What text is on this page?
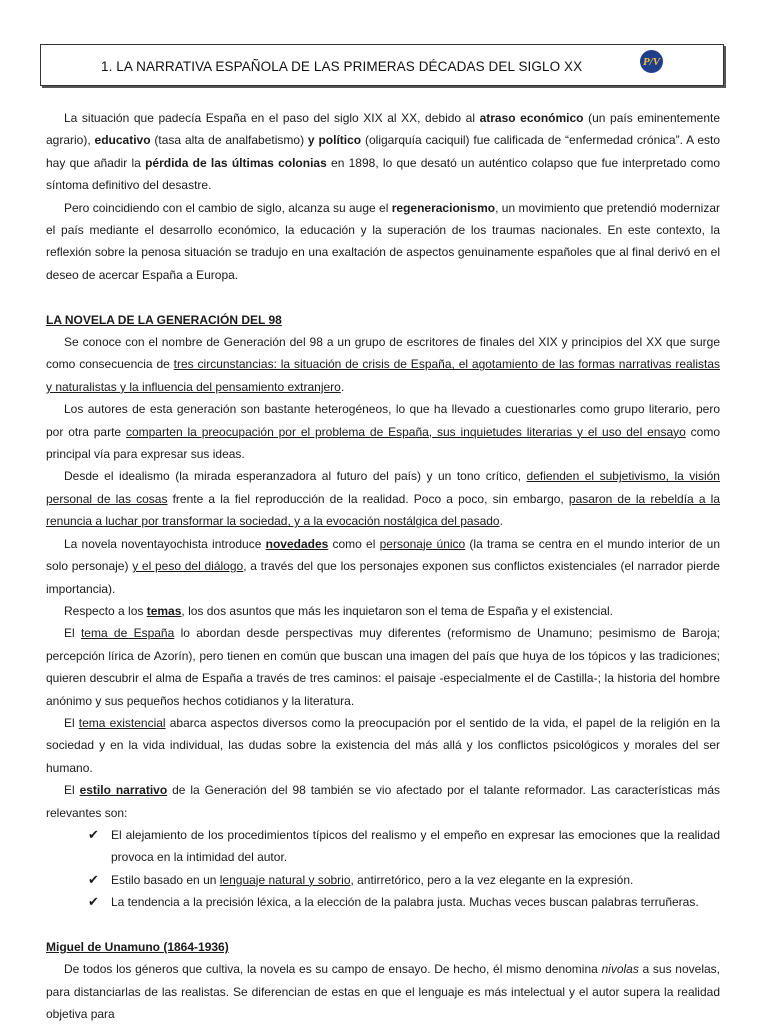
1. LA NARRATIVA ESPAÑOLA DE LAS PRIMERAS DÉCADAS DEL SIGLO XX	P/V

La situación que padecía España en el paso del siglo XIX al XX, debido al atraso económico (un país eminentemente agrario), educativo (tasa alta de analfabetismo) y político (oligarquía caciquil) fue calificada de “enfermedad crónica”. A esto hay que añadir la pérdida de las últimas colonias en 1898, lo que desató un auténtico colapso que fue interpretado como síntoma definitivo del desastre.

Pero coincidiendo con el cambio de siglo, alcanza su auge el regeneracionismo, un movimiento que pretendió modernizar el país mediante el desarrollo económico, la educación y la superación de los traumas nacionales. En este contexto, la reflexión sobre la penosa situación se tradujo en una exaltación de aspectos genuinamente españoles que al final derivó en el deseo de acercar España a Europa.

LA NOVELA DE LA GENERACIÓN DEL 98

Se conoce con el nombre de Generación del 98 a un grupo de escritores de finales del XIX y principios del XX que surge como consecuencia de tres circunstancias: la situación de crisis de España, el agotamiento de las formas narrativas realistas y naturalistas y la influencia del pensamiento extranjero.

Los autores de esta generación son bastante heterogéneos, lo que ha llevado a cuestionarles como grupo literario, pero por otra parte comparten la preocupación por el problema de España, sus inquietudes literarias y el uso del ensayo como principal vía para expresar sus ideas.

Desde el idealismo (la mirada esperanzadora al futuro del país) y un tono crítico, defienden el subjetivismo, la visión personal de las cosas frente a la fiel reproducción de la realidad. Poco a poco, sin embargo, pasaron de la rebeldía a la renuncia a luchar por transformar la sociedad, y a la evocación nostálgica del pasado.

La novela noventayochista introduce novedades como el personaje único (la trama se centra en el mundo interior de un solo personaje) y el peso del diálogo, a través del que los personajes exponen sus conflictos existenciales (el narrador pierde importancia).

Respecto a los temas, los dos asuntos que más les inquietaron son el tema de España y el existencial.

El tema de España lo abordan desde perspectivas muy diferentes (reformismo de Unamuno; pesimismo de Baroja; percepción lírica de Azorín), pero tienen en común que buscan una imagen del país que huya de los tópicos y las tradiciones; quieren descubrir el alma de España a través de tres caminos: el paisaje -especialmente el de Castilla-; la historia del hombre anónimo y sus pequeños hechos cotidianos y la literatura.

El tema existencial abarca aspectos diversos como la preocupación por el sentido de la vida, el papel de la religión en la sociedad y en la vida individual, las dudas sobre la existencia del más allá y los conflictos psicológicos y morales del ser humano.

El estilo narrativo de la Generación del 98 también se vio afectado por el talante reformador. Las características más relevantes son:

✔ El alejamiento de los procedimientos típicos del realismo y el empeño en expresar las emociones que la realidad provoca en la intimidad del autor.
✔ Estilo basado en un lenguaje natural y sobrio, antirretórico, pero a la vez elegante en la expresión.
✔ La tendencia a la precisión léxica, a la elección de la palabra justa. Muchas veces buscan palabras terruñeras.

Miguel de Unamuno (1864-1936)

De todos los géneros que cultiva, la novela es su campo de ensayo. De hecho, él mismo denomina nivolas a sus novelas, para distanciarlas de las realistas. Se diferencian de estas en que el lenguaje es más intelectual y el autor supera la realidad objetiva para
